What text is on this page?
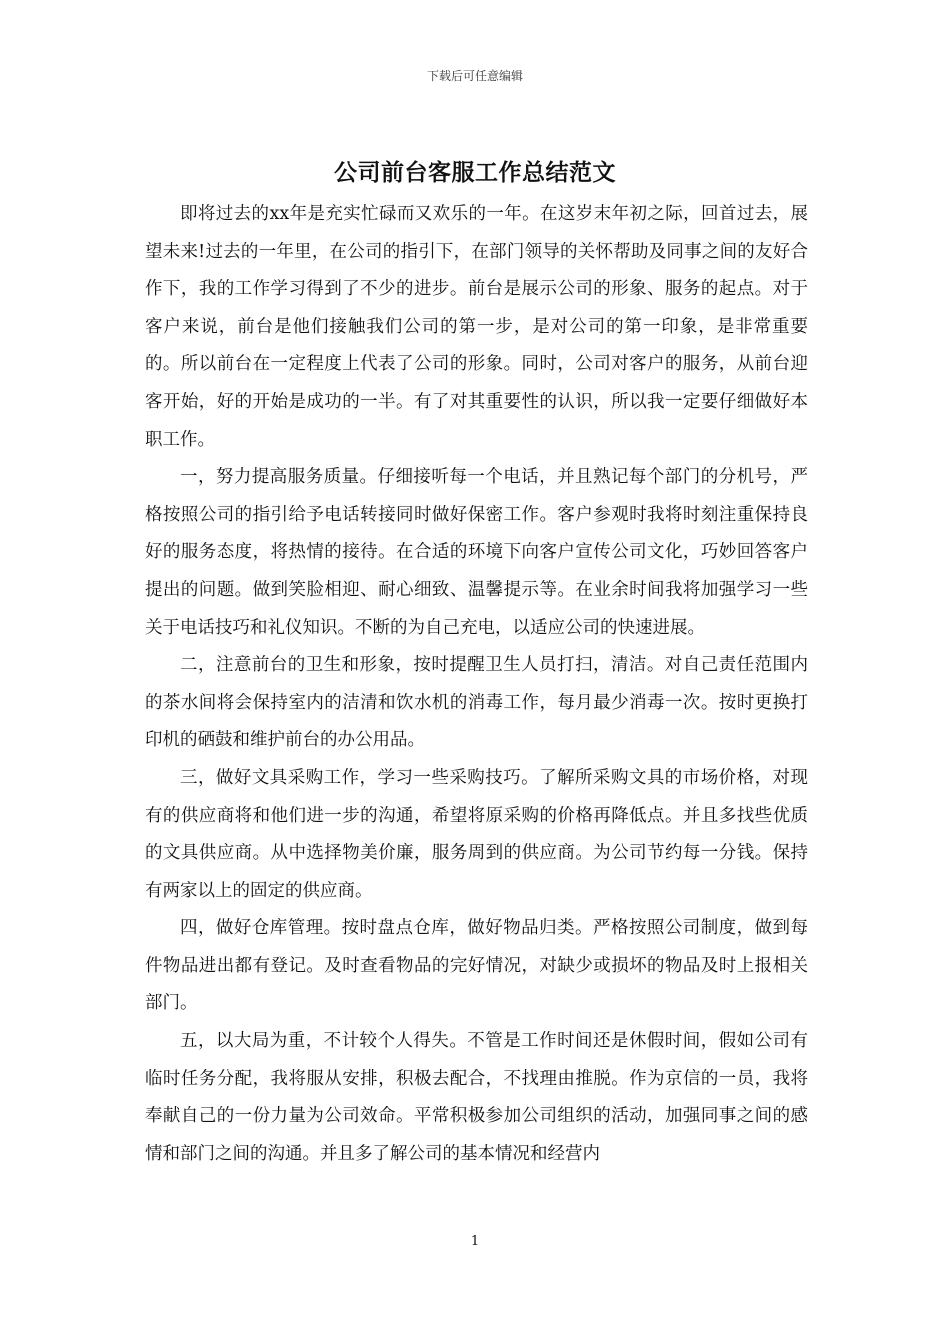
下载后可任意编辑
公司前台客服工作总结范文

即将过去的xx年是充实忙碌而又欢乐的一年。在这岁末年初之际，回首过去，展望未来!过去的一年里，在公司的指引下，在部门领导的关怀帮助及同事之间的友好合作下，我的工作学习得到了不少的进步。前台是展示公司的形象、服务的起点。对于客户来说，前台是他们接触我们公司的第一步，是对公司的第一印象，是非常重要的。所以前台在一定程度上代表了公司的形象。同时，公司对客户的服务，从前台迎客开始，好的开始是成功的一半。有了对其重要性的认识，所以我一定要仔细做好本职工作。

一，努力提高服务质量。仔细接听每一个电话，并且熟记每个部门的分机号，严格按照公司的指引给予电话转接同时做好保密工作。客户参观时我将时刻注重保持良好的服务态度，将热情的接待。在合适的环境下向客户宣传公司文化，巧妙回答客户提出的问题。做到笑脸相迎、耐心细致、温馨提示等。在业余时间我将加强学习一些关于电话技巧和礼仪知识。不断的为自己充电，以适应公司的快速进展。

二，注意前台的卫生和形象，按时提醒卫生人员打扫，清洁。对自己责任范围内的茶水间将会保持室内的洁清和饮水机的消毒工作，每月最少消毒一次。按时更换打印机的硒鼓和维护前台的办公用品。

三，做好文具采购工作，学习一些采购技巧。了解所采购文具的市场价格，对现有的供应商将和他们进一步的沟通，希望将原采购的价格再降低点。并且多找些优质的文具供应商。从中选择物美价廉，服务周到的供应商。为公司节约每一分钱。保持有两家以上的固定的供应商。

四，做好仓库管理。按时盘点仓库，做好物品归类。严格按照公司制度，做到每件物品进出都有登记。及时查看物品的完好情况，对缺少或损坏的物品及时上报相关部门。

五，以大局为重，不计较个人得失。不管是工作时间还是休假时间，假如公司有临时任务分配，我将服从安排，积极去配合，不找理由推脱。作为京信的一员，我将奉献自己的一份力量为公司效命。平常积极参加公司组织的活动，加强同事之间的感情和部门之间的沟通。并且多了解公司的基本情况和经营内

1
